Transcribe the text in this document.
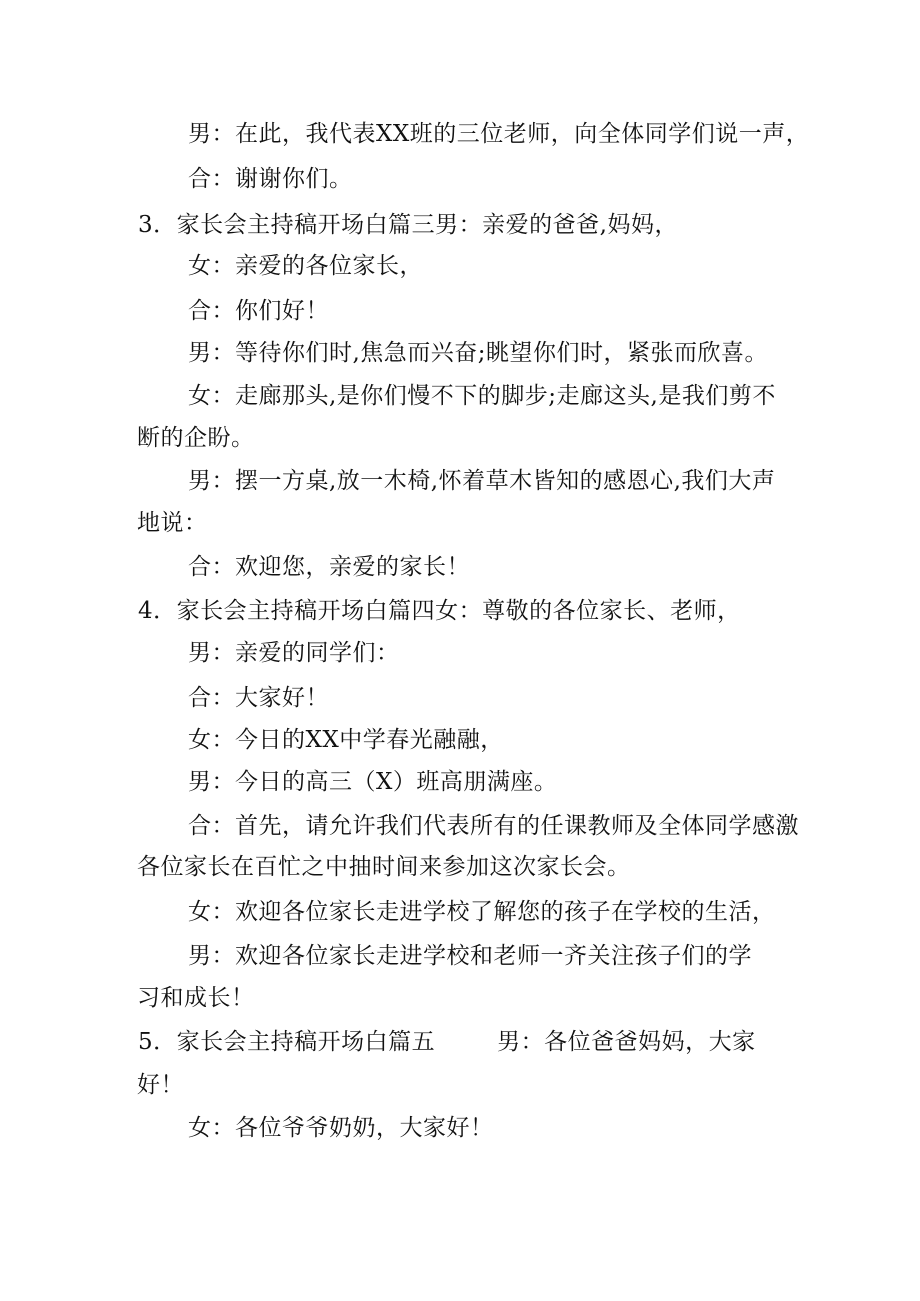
男：在此，我代表XX班的三位老师，向全体同学们说一声，
合：谢谢你们。
3．家长会主持稿开场白篇三男：亲爱的爸爸,妈妈，
女：亲爱的各位家长，
合：你们好！
男：等待你们时,焦急而兴奋;眺望你们时，紧张而欣喜。
女：走廊那头,是你们慢不下的脚步;走廊这头,是我们剪不
断的企盼。
男：摆一方桌,放一木椅,怀着草木皆知的感恩心,我们大声
地说：
合：欢迎您，亲爱的家长！
4．家长会主持稿开场白篇四女：尊敬的各位家长、老师，
男：亲爱的同学们：
合：大家好！
女：今日的XX中学春光融融，
男：今日的高三（X）班高朋满座。
合：首先，请允许我们代表所有的任课教师及全体同学感激
各位家长在百忙之中抽时间来参加这次家长会。
女：欢迎各位家长走进学校了解您的孩子在学校的生活，
男：欢迎各位家长走进学校和老师一齐关注孩子们的学
习和成长！
5．家长会主持稿开场白篇五	男：各位爸爸妈妈，大家
好！
女：各位爷爷奶奶，大家好！
